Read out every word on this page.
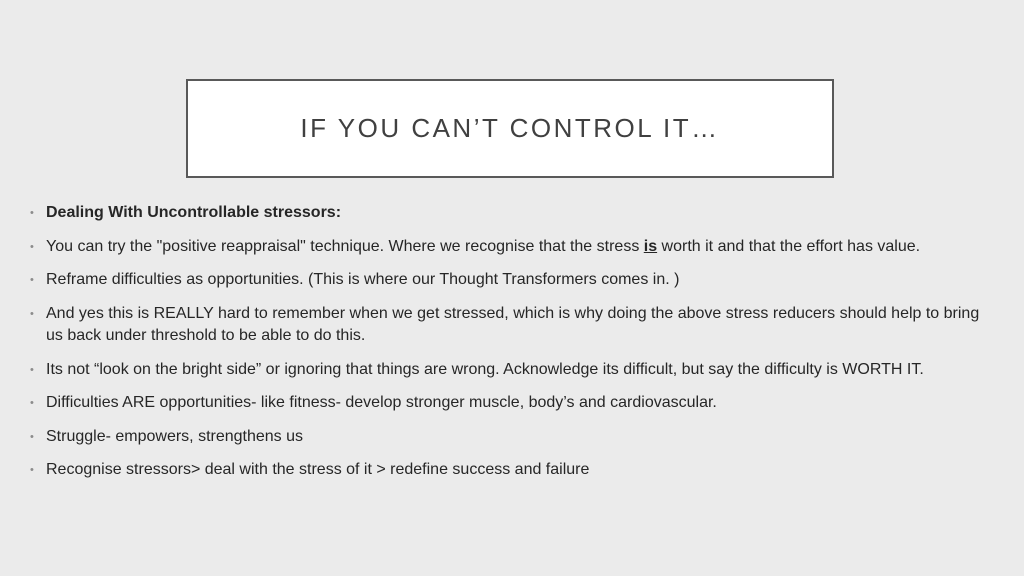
IF YOU CAN’T CONTROL IT…
• Dealing With Uncontrollable stressors:
• You can try the "positive reappraisal" technique. Where we recognise that the stress is worth it and that the effort has value.
• Reframe difficulties as opportunities. (This is where our Thought Transformers comes in. )
• And yes this is REALLY hard to remember when we get stressed, which is why doing the above stress reducers should help to bring us back under threshold to be able to do this.
• Its not “look on the bright side” or ignoring that things are wrong. Acknowledge its difficult, but say the difficulty is WORTH IT.
• Difficulties ARE opportunities- like fitness- develop stronger muscle, body’s and cardiovascular.
• Struggle- empowers, strengthens us
• Recognise stressors> deal with the stress of it > redefine success and failure
